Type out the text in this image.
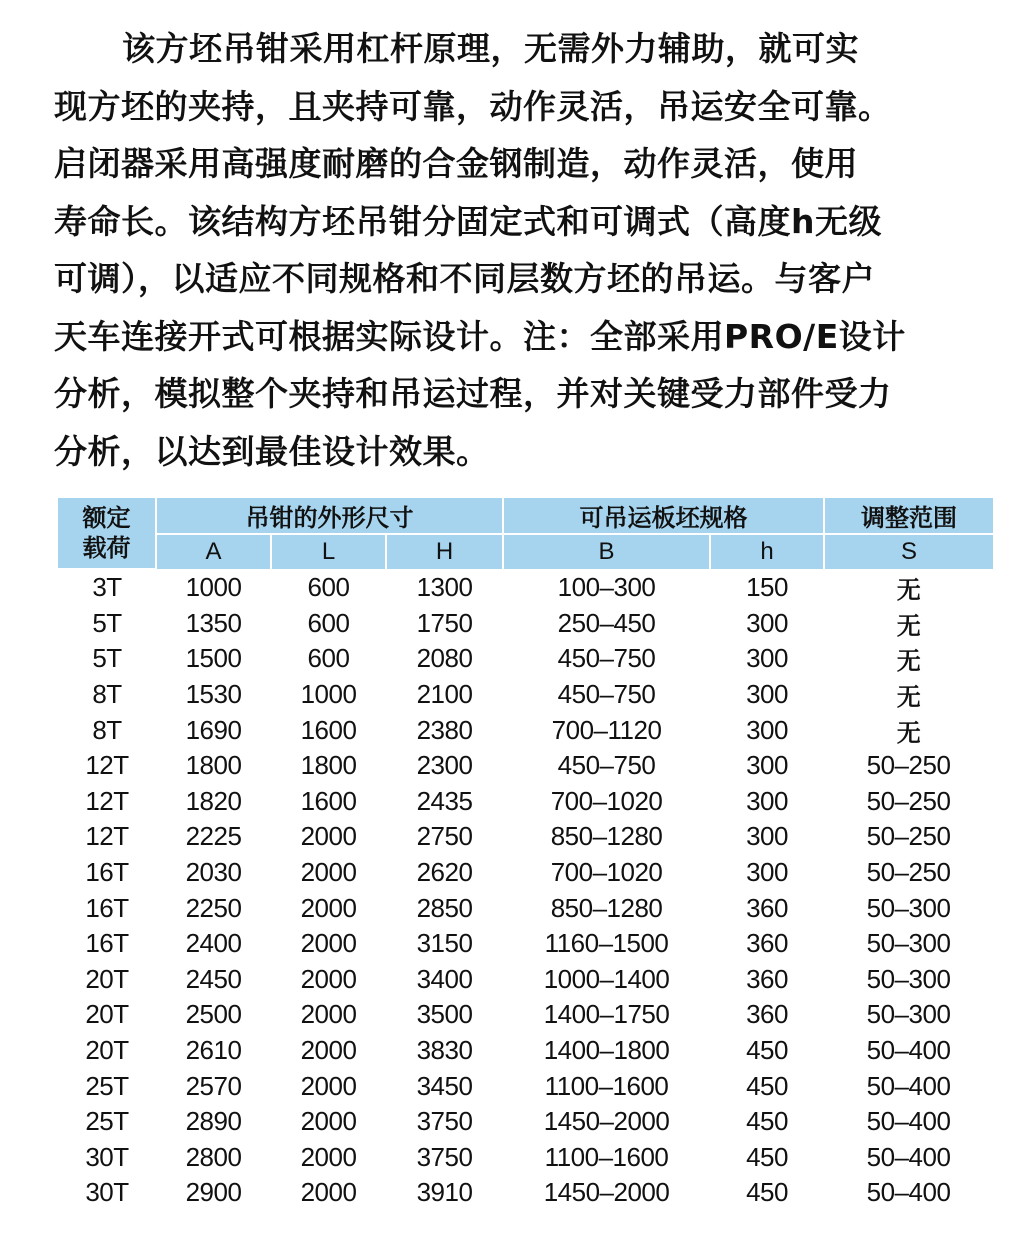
该方坯吊钳采用杠杆原理，无需外力辅助，就可实
现方坯的夹持，且夹持可靠，动作灵活，吊运安全可靠。
启闭器采用高强度耐磨的合金钢制造，动作灵活，使用
寿命长。该结构方坯吊钳分固定式和可调式（高度h无级
可调），以适应不同规格和不同层数方坯的吊运。与客户
天车连接开式可根据实际设计。注：全部采用PRO/E设计
分析，模拟整个夹持和吊运过程，并对关键受力部件受力
分析，以达到最佳设计效果。
额定
载荷	吊钳的外形尺寸			可吊运板坯规格		调整范围
	A	L	H	B	h	S
3T	1000	600	1300	100–300	150	无
5T	1350	600	1750	250–450	300	无
5T	1500	600	2080	450–750	300	无
8T	1530	1000	2100	450–750	300	无
8T	1690	1600	2380	700–1120	300	无
12T	1800	1800	2300	450–750	300	50–250
12T	1820	1600	2435	700–1020	300	50–250
12T	2225	2000	2750	850–1280	300	50–250
16T	2030	2000	2620	700–1020	300	50–250
16T	2250	2000	2850	850–1280	360	50–300
16T	2400	2000	3150	1160–1500	360	50–300
20T	2450	2000	3400	1000–1400	360	50–300
20T	2500	2000	3500	1400–1750	360	50–300
20T	2610	2000	3830	1400–1800	450	50–400
25T	2570	2000	3450	1100–1600	450	50–400
25T	2890	2000	3750	1450–2000	450	50–400
30T	2800	2000	3750	1100–1600	450	50–400
30T	2900	2000	3910	1450–2000	450	50–400
